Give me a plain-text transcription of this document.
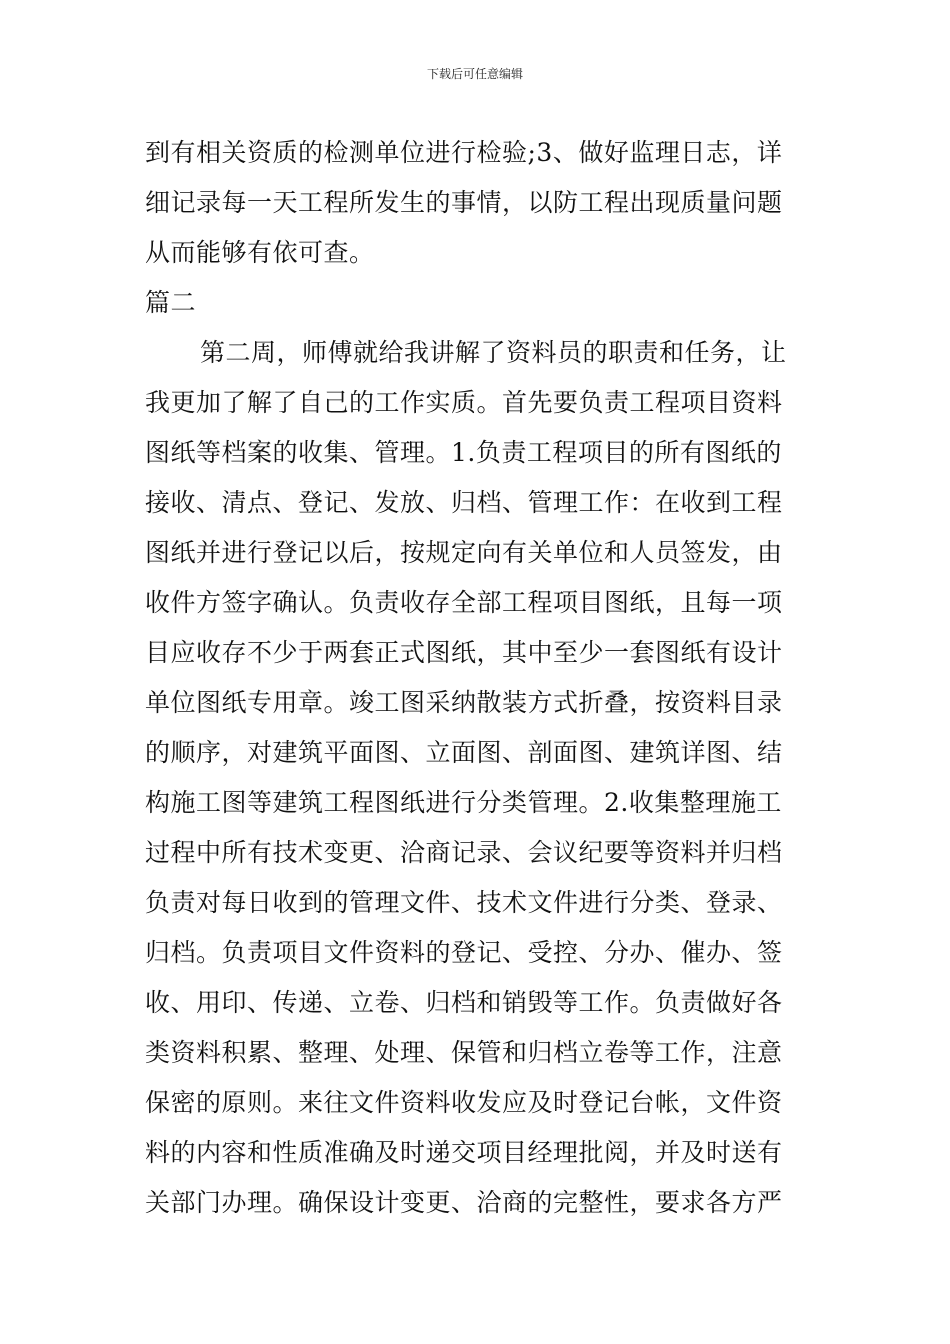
下载后可任意编辑
到有相关资质的检测单位进行检验;3、做好监理日志，详
细记录每一天工程所发生的事情，以防工程出现质量问题
从而能够有依可查。
篇二
第二周，师傅就给我讲解了资料员的职责和任务，让
我更加了解了自己的工作实质。首先要负责工程项目资料
图纸等档案的收集、管理。1.负责工程项目的所有图纸的
接收、清点、登记、发放、归档、管理工作：在收到工程
图纸并进行登记以后，按规定向有关单位和人员签发，由
收件方签字确认。负责收存全部工程项目图纸，且每一项
目应收存不少于两套正式图纸，其中至少一套图纸有设计
单位图纸专用章。竣工图采纳散装方式折叠，按资料目录
的顺序，对建筑平面图、立面图、剖面图、建筑详图、结
构施工图等建筑工程图纸进行分类管理。2.收集整理施工
过程中所有技术变更、洽商记录、会议纪要等资料并归档
负责对每日收到的管理文件、技术文件进行分类、登录、
归档。负责项目文件资料的登记、受控、分办、催办、签
收、用印、传递、立卷、归档和销毁等工作。负责做好各
类资料积累、整理、处理、保管和归档立卷等工作，注意
保密的原则。来往文件资料收发应及时登记台帐，文件资
料的内容和性质准确及时递交项目经理批阅，并及时送有
关部门办理。确保设计变更、洽商的完整性，要求各方严
